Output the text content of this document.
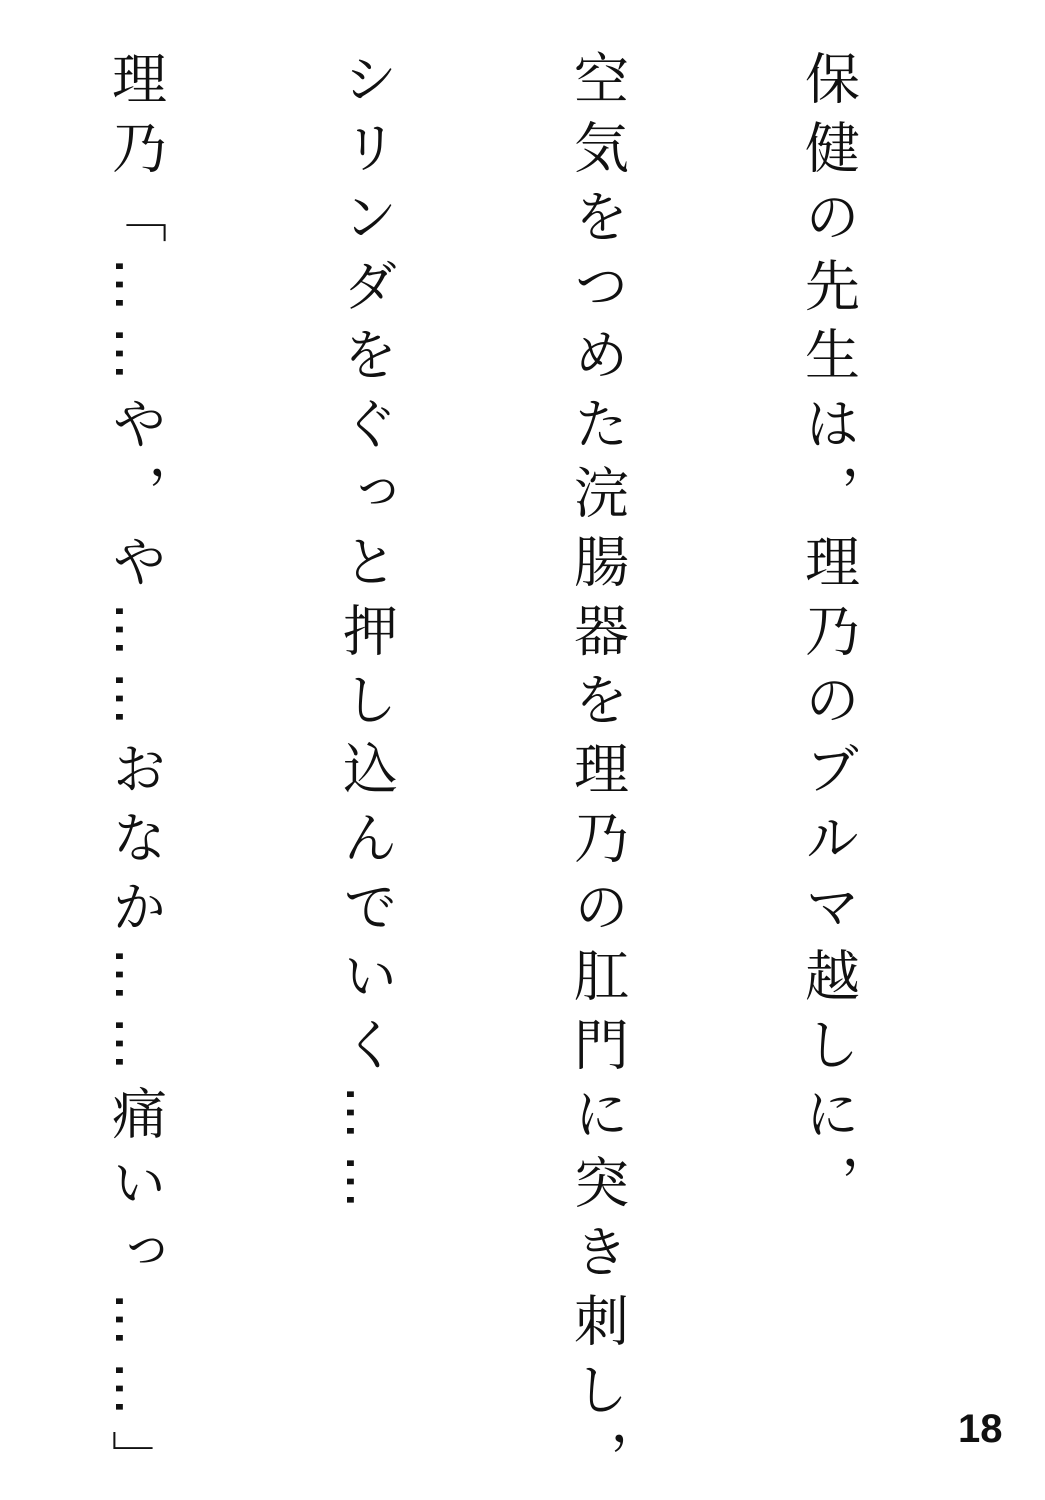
保健の先生は，理乃のブルマ越しに，

空気をつめた浣腸器を理乃の肛門に突き刺し，

シリンダをぐっと押し込んでいく……

理乃「……や，や……おなか……痛いっ……」

	18
